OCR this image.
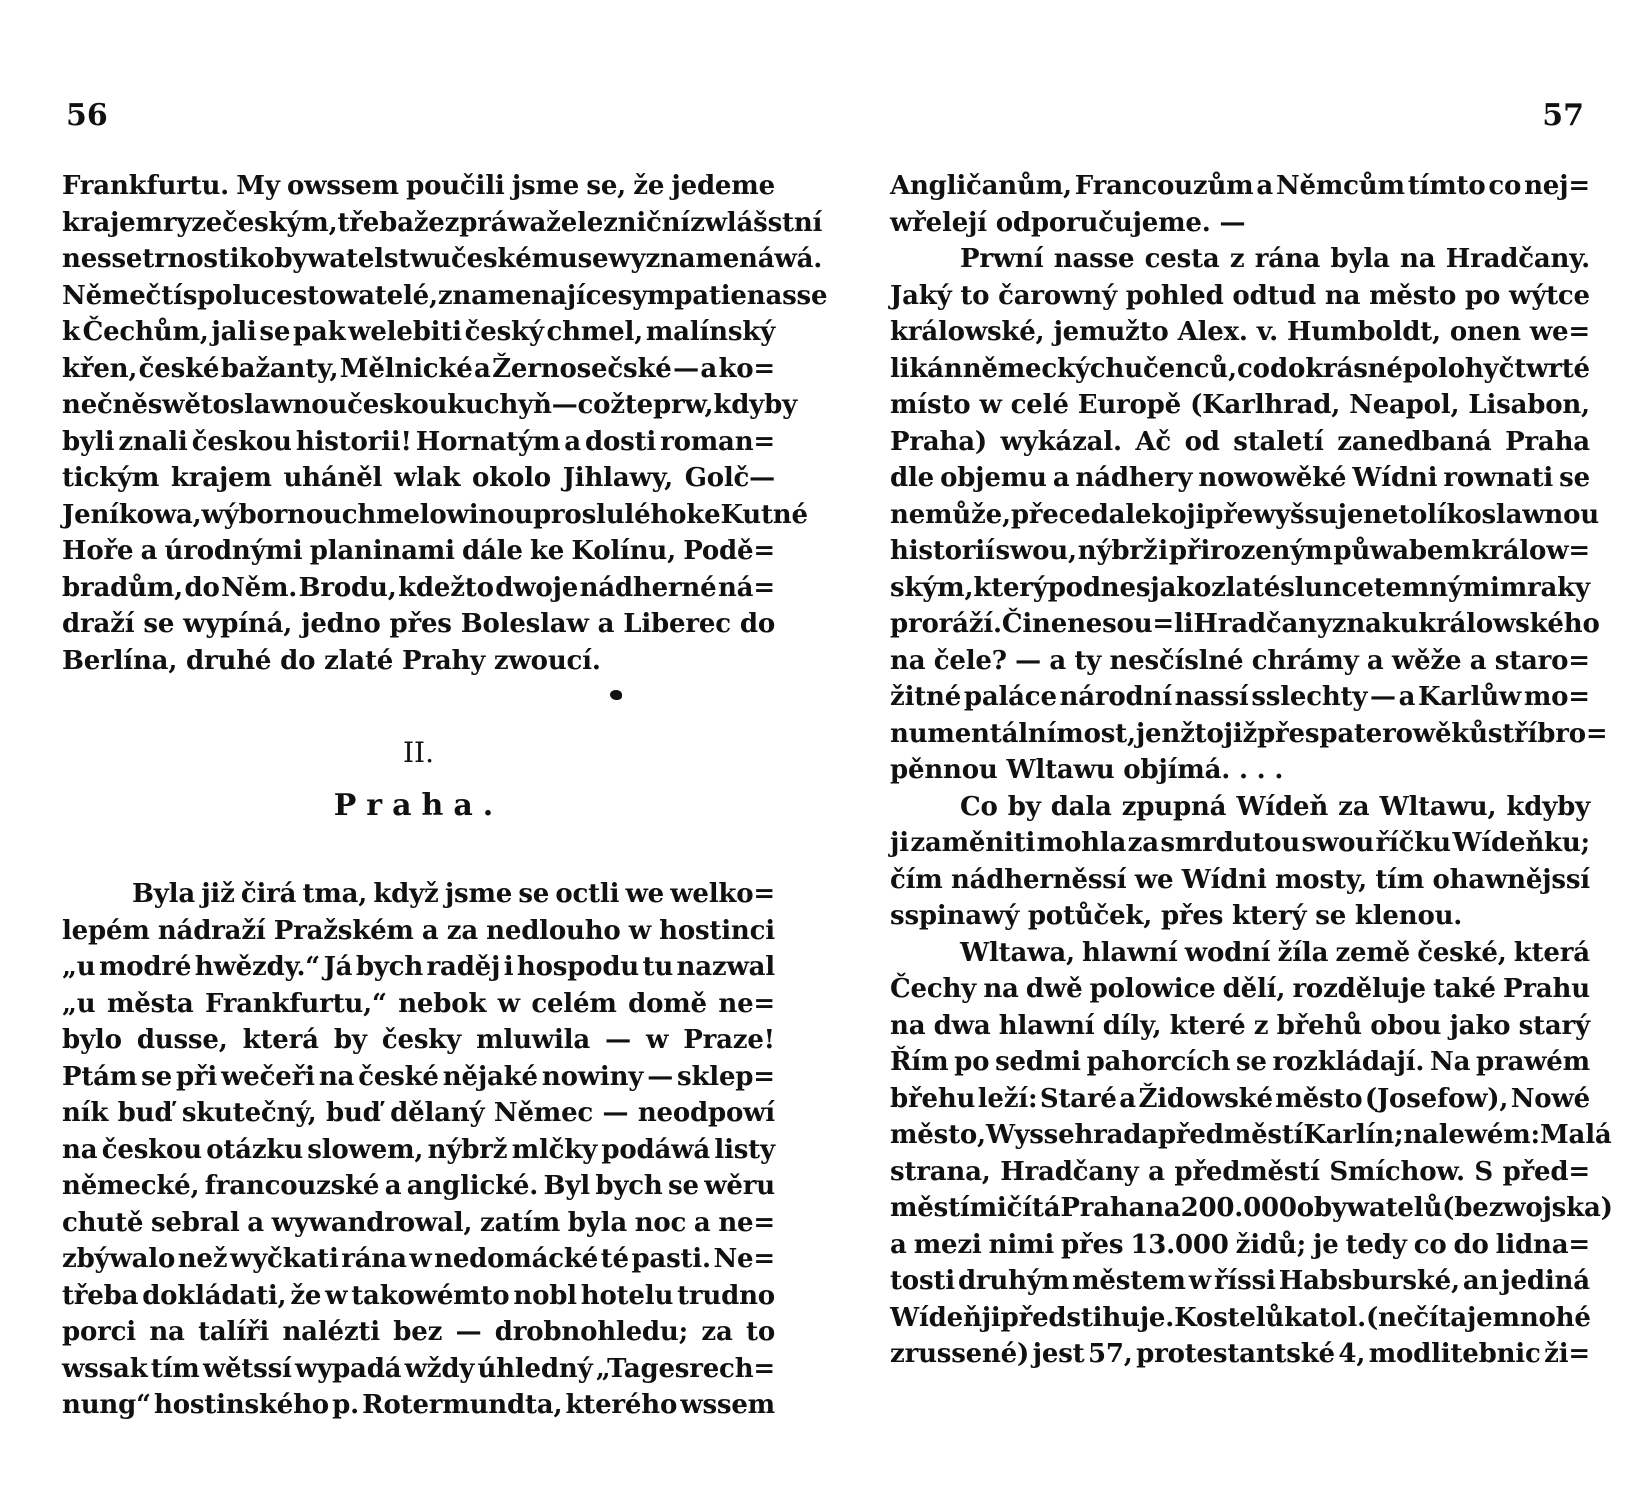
56
Frankfurtu. My owssem poučili jsme se, že jedeme
krajem ryze českým, třeba že zpráwa železniční zwlášstní
nessetrnosti k obywatelstwu českému se wyznamenáwá.
Němečtí spolucestowatelé, znamenajíce sympatie nasse
k Čechům, jali se pak welebiti český chmel, malínský
křen, české bažanty, Mělnické a Žernosečské — a ko=
nečně swětoslawnou českou kuchyň — což teprw, kdyby
byli znali českou historii! Hornatým a dosti roman=
tickým krajem uháněl wlak okolo Jihlawy, Golč—
Jeníkowa, wýbornou chmelowinou proslulého ke Kutné
Hoře a úrodnými planinami dále ke Kolínu, Podě=
bradům, do Něm. Brodu, kdežto dwoje nádherné ná=
draží se wypíná, jedno přes Boleslaw a Liberec do
Berlína, druhé do zlaté Prahy zwoucí.
II.
Praha.
Byla již čirá tma, když jsme se octli we welko=
lepém nádraží Pražském a za nedlouho w hostinci
„u modré hwězdy.“ Já bych raděj i hospodu tu nazwal
„u města Frankfurtu,“ nebok w celém domě ne=
bylo dusse, která by česky mluwila — w Praze!
Ptám se při wečeři na české nějaké nowiny — sklep=
ník buď skutečný, buď dělaný Němec — neodpowí
na českou otázku slowem, nýbrž mlčky podáwá listy
německé, francouzské a anglické. Byl bych se wěru
chutě sebral a wywandrowal, zatím byla noc a ne=
zbýwalo než wyčkati rána w nedomácké té pasti. Ne=
třeba dokládati, že w takowémto nobl hotelu trudno
porci na talíři nalézti bez — drobnohledu; za to
wssak tím wětssí wypadá wždy úhledný „Tagesrech=
nung“ hostinského p. Rotermundta, kterého wssem
57
Angličanům, Francouzům a Němcům tímto co nej=
wřelejí odporučujeme. —
Prwní nasse cesta z rána byla na Hradčany.
Jaký to čarowný pohled odtud na město po wýtce
králowské, jemužto Alex. v. Humboldt, onen we=
likán německých učenců, co do krásné polohy čtwrté
místo w celé Europě (Karlhrad, Neapol, Lisabon,
Praha) wykázal. Ač od staletí zanedbaná Praha
dle objemu a nádhery nowowěké Wídni rownati se
nemůže, přece daleko ji přewyšsuje netolíko slawnou
historií swou, nýbrž i přirozeným půwabem králow=
ským, který podnes jako zlaté slunce temnými mraky
proráží. Či nenesou=li Hradčany znaku králowského
na čele? — a ty nesčíslné chrámy a wěže a staro=
žitné paláce národní nassí sslechty — a Karlůw mo=
numentální most, jenžto již přes patero wěků stříbro=
pěnnou Wltawu objímá. . . .
Co by dala zpupná Wídeň za Wltawu, kdyby
ji zaměniti mohla za smrdutou swou říčku Wídeňku;
čím nádherněssí we Wídni mosty, tím ohawnějssí
sspinawý potůček, přes který se klenou.
Wltawa, hlawní wodní žíla země české, která
Čechy na dwě polowice dělí, rozděluje také Prahu
na dwa hlawní díly, které z břehů obou jako starý
Řím po sedmi pahorcích se rozkládají. Na prawém
břehu leží: Staré a Židowské město (Josefow), Nowé
město, Wyssehrad a předměstí Karlín; na lewém: Malá
strana, Hradčany a předměstí Smíchow. S před=
městími čítá Praha na 200.000 obywatelů (bez wojska)
a mezi nimi přes 13.000 židů; je tedy co do lidna=
tosti druhým městem w říssi Habsburské, an jediná
Wídeň ji předstihuje. Kostelů katol. (nečítaje mnohé
zrussené) jest 57, protestantské 4, modlitebnic ži=
